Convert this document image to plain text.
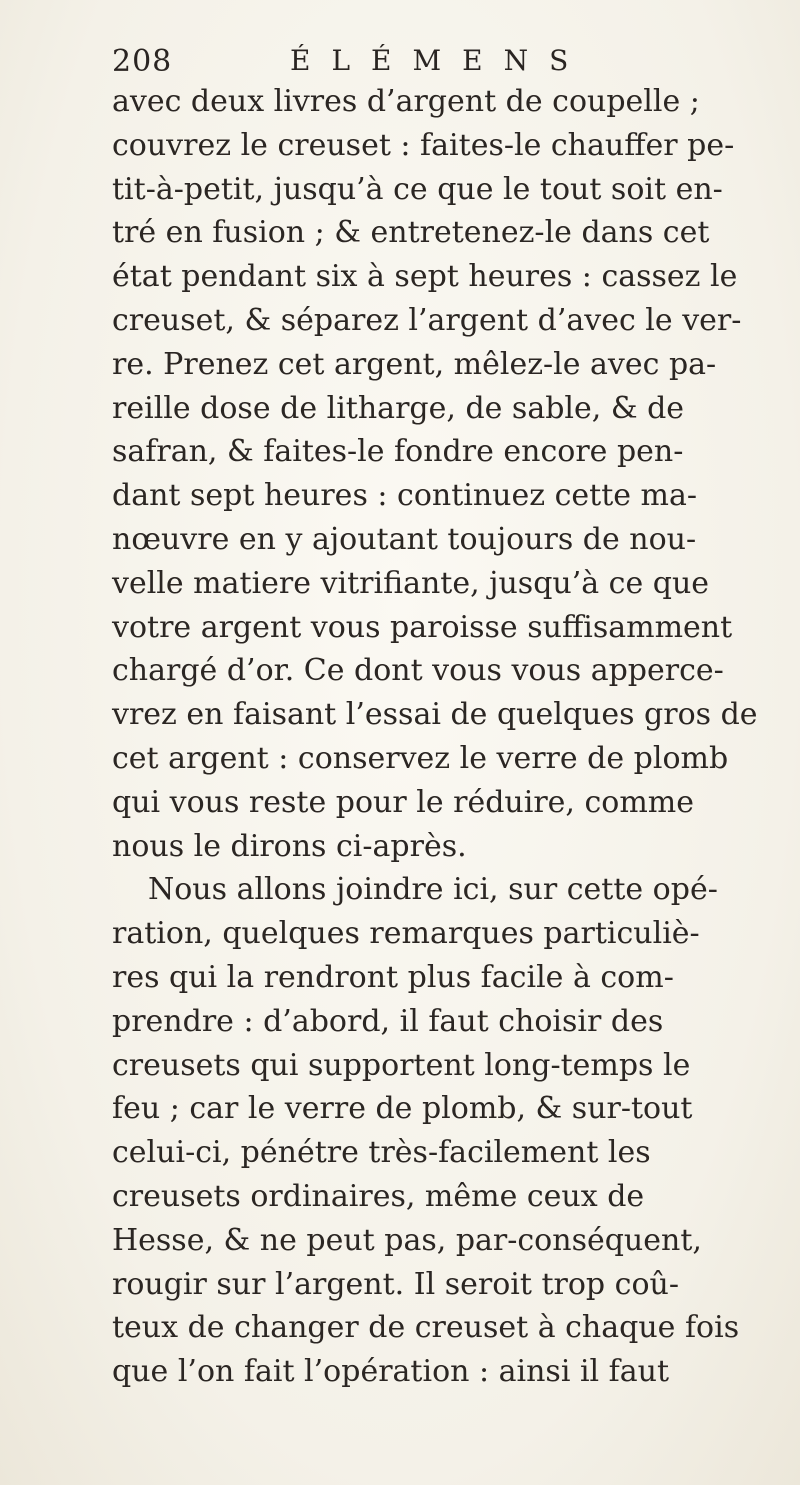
208	ÉLÉMENS
avec deux livres d’argent de coupelle ;
couvrez le creuset : faites-le chauffer pe-
tit-à-petit, jusqu’à ce que le tout soit en-
tré en fusion ; & entretenez-le dans cet
état pendant six à sept heures : cassez le
creuset, & séparez l’argent d’avec le ver-
re. Prenez cet argent, mêlez-le avec pa-
reille dose de litharge, de sable, & de
safran, & faites-le fondre encore pen-
dant sept heures : continuez cette ma-
nœuvre en y ajoutant toujours de nou-
velle matiere vitrifiante, jusqu’à ce que
votre argent vous paroisse suffisamment
chargé d’or. Ce dont vous vous apperce-
vrez en faisant l’essai de quelques gros de
cet argent : conservez le verre de plomb
qui vous reste pour le réduire, comme
nous le dirons ci-après.
Nous allons joindre ici, sur cette opé-
ration, quelques remarques particuliè-
res qui la rendront plus facile à com-
prendre : d’abord, il faut choisir des
creusets qui supportent long-temps le
feu ; car le verre de plomb, & sur-tout
celui-ci, pénétre très-facilement les
creusets ordinaires, même ceux de
Hesse, & ne peut pas, par-conséquent,
rougir sur l’argent. Il seroit trop coû-
teux de changer de creuset à chaque fois
que l’on fait l’opération : ainsi il faut
